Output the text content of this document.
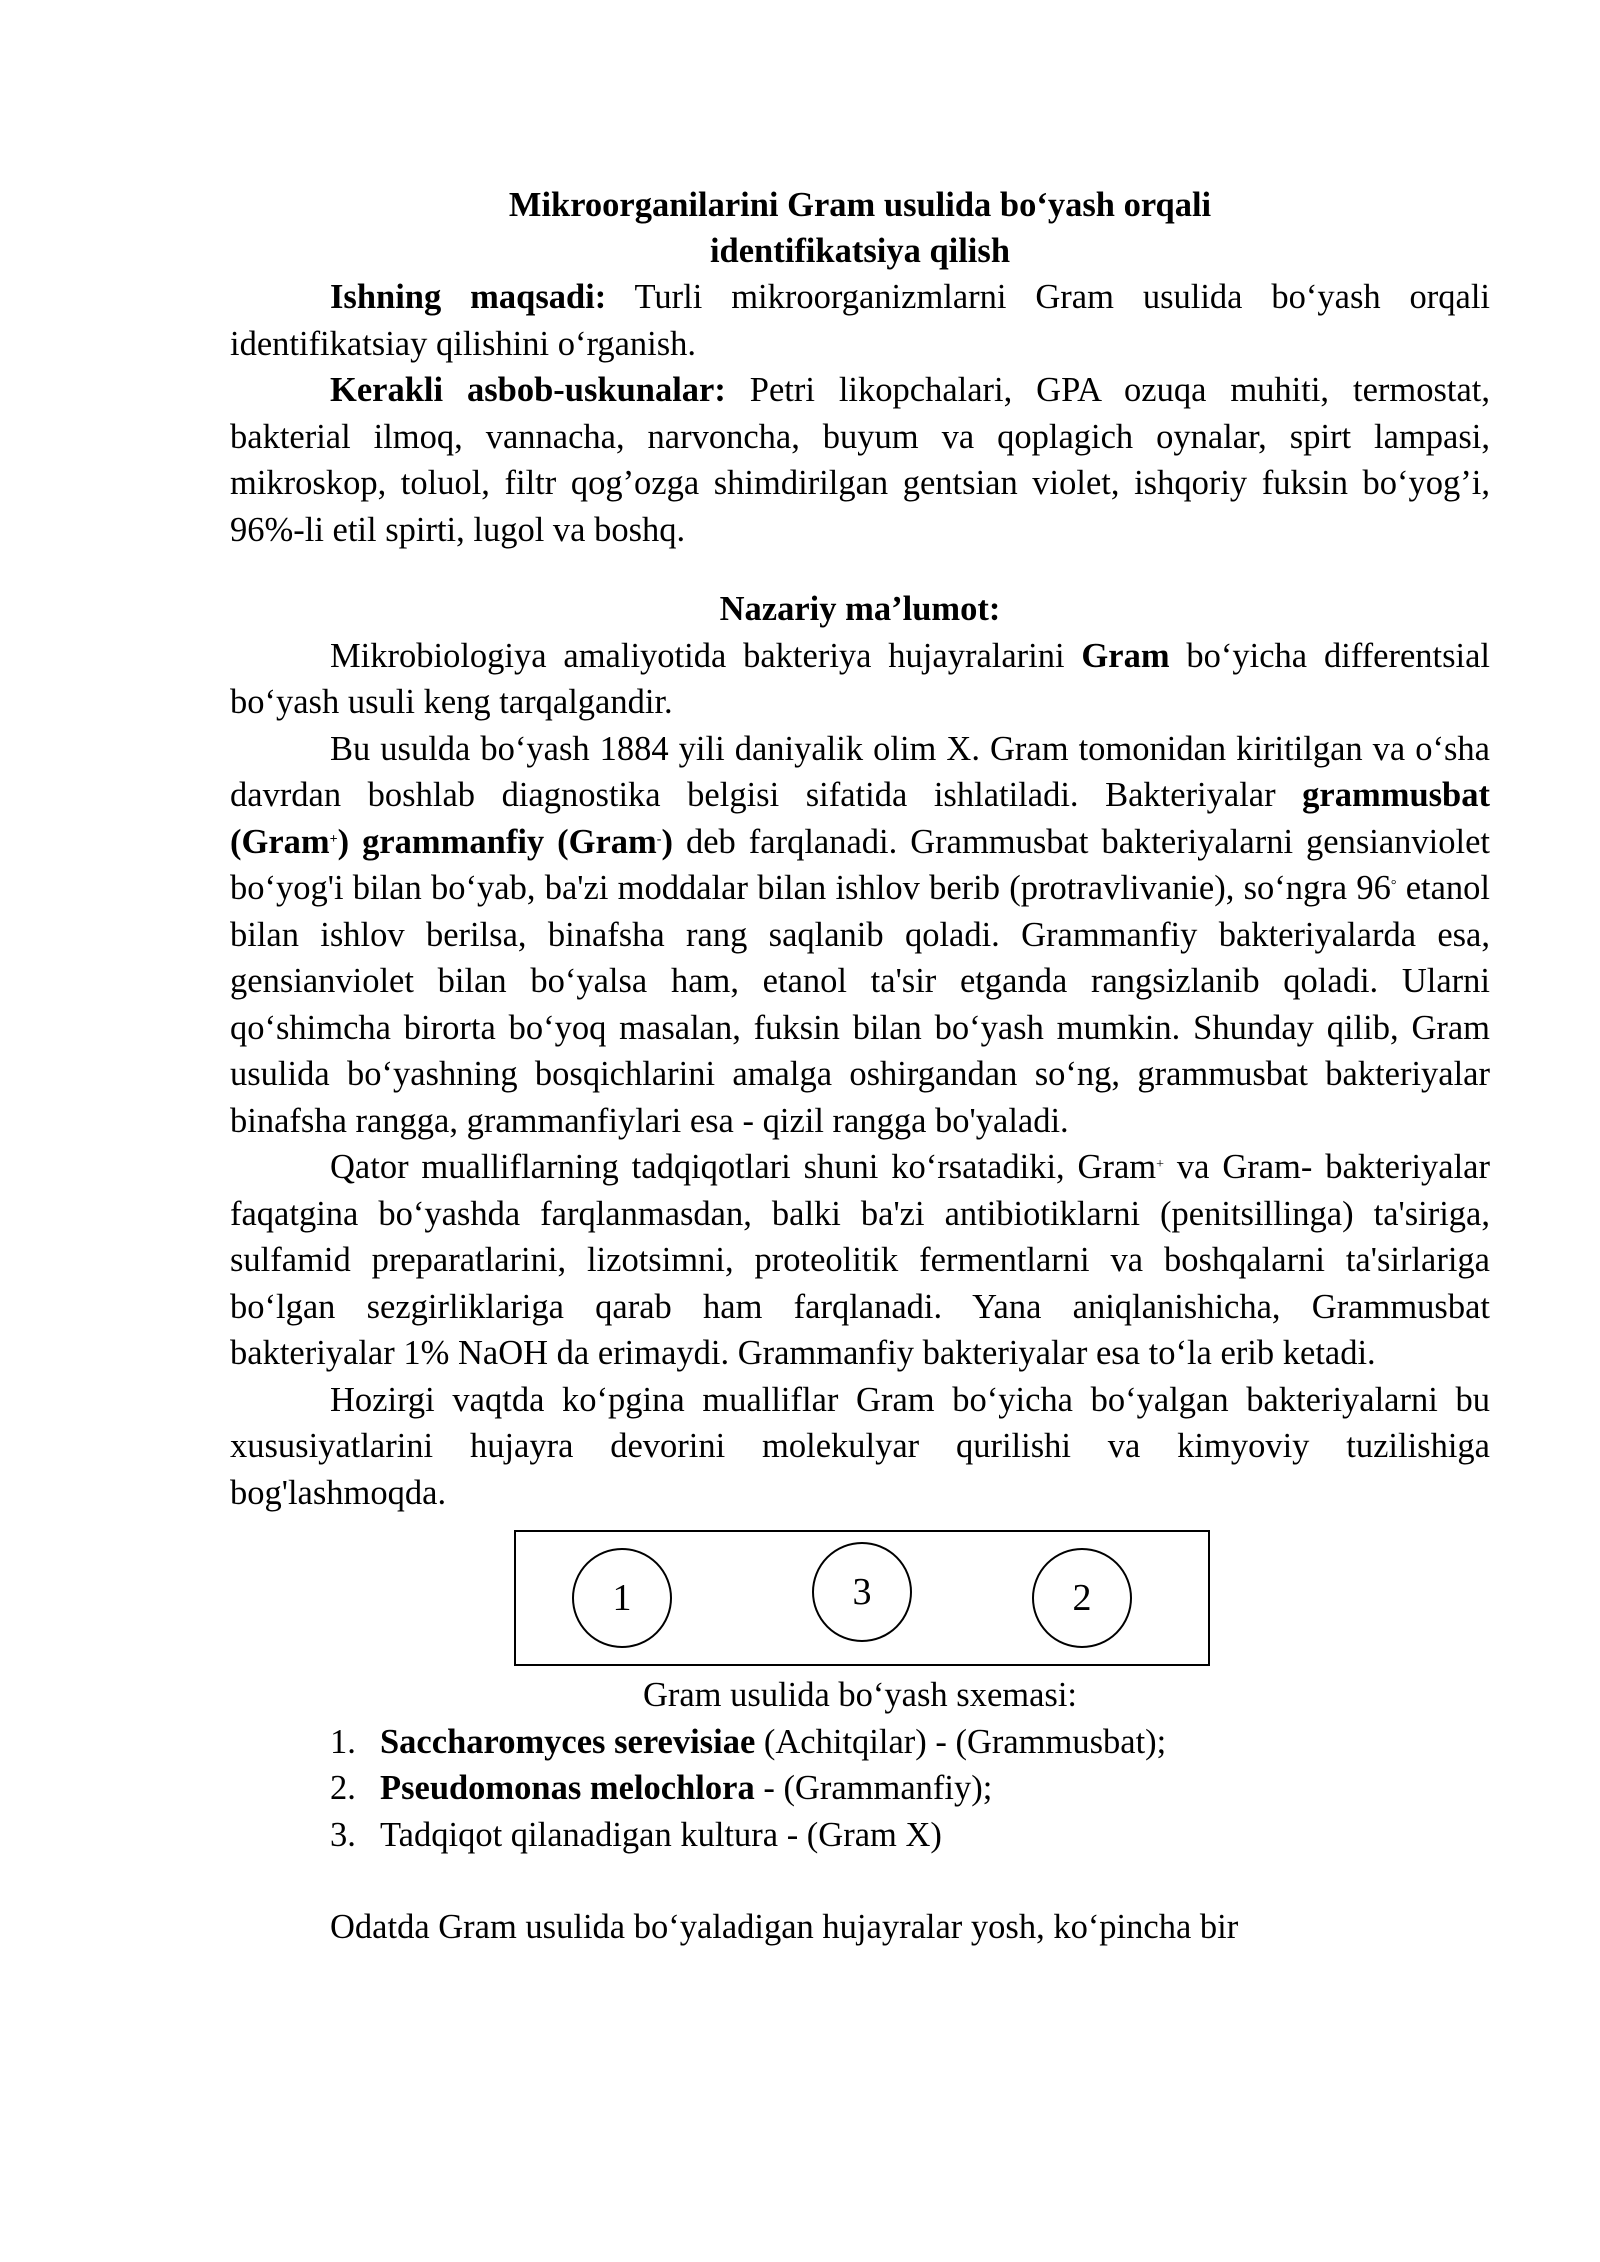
Mikroorganilarini Gram usulida bo‘yash orqali
identifikatsiya qilish

Ishning maqsadi: Turli mikroorganizmlarni Gram usulida bo‘yash orqali identifikatsiay qilishini o‘rganish.

Kerakli asbob-uskunalar: Petri likopchalari, GPA ozuqa muhiti, termostat, bakterial ilmoq, vannacha, narvoncha, buyum va qoplagich oynalar, spirt lampasi, mikroskop, toluol, filtr qog’ozga shimdirilgan gentsian violet, ishqoriy fuksin bo‘yog’i, 96%-li etil spirti, lugol va boshq.

Nazariy ma’lumot:

Mikrobiologiya amaliyotida bakteriya hujayralarini Gram bo‘yicha differentsial bo‘yash usuli keng tarqalgandir.

Bu usulda bo‘yash 1884 yili daniyalik olim X. Gram tomonidan kiritilgan va o‘sha davrdan boshlab diagnostika belgisi sifatida ishlatiladi. Bakteriyalar grammusbat (Gram+) grammanfiy (Gram-) deb farqlanadi. Grammusbat bakteriyalarni gensianviolet bo‘yog'i bilan bo‘yab, ba'zi moddalar bilan ishlov berib (protravlivanie), so‘ngra 96° etanol bilan ishlov berilsa, binafsha rang saqlanib qoladi. Grammanfiy bakteriyalarda esa, gensianviolet bilan bo‘yalsa ham, etanol ta'sir etganda rangsizlanib qoladi. Ularni qo‘shimcha birorta bo‘yoq masalan, fuksin bilan bo‘yash mumkin. Shunday qilib, Gram usulida bo‘yashning bosqichlarini amalga oshirgandan so‘ng, grammusbat bakteriyalar binafsha rangga, grammanfiylari esa - qizil rangga bo'yaladi.

Qator mualliflarning tadqiqotlari shuni ko‘rsatadiki, Gram+ va Gram- bakteriyalar faqatgina bo‘yashda farqlanmasdan, balki ba'zi antibiotiklarni (penitsillinga) ta'siriga, sulfamid preparatlarini, lizotsimni, proteolitik fermentlarni va boshqalarni ta'sirlariga bo‘lgan sezgirliklariga qarab ham farqlanadi. Yana aniqlanishicha, Grammusbat bakteriyalar 1% NaOH da erimaydi. Grammanfiy bakteriyalar esa to‘la erib ketadi.

Hozirgi vaqtda ko‘pgina mualliflar Gram bo‘yicha bo‘yalgan bakteriyalarni bu xususiyatlarini hujayra devorini molekulyar qurilishi va kimyoviy tuzilishiga bog'lashmoqda.

1	3	2
Gram usulida bo‘yash sxemasi:
1. Saccharomyces serevisiae (Achitqilar) - (Grammusbat);
2. Pseudomonas melochlora - (Grammanfiy);
3. Tadqiqot qilanadigan kultura - (Gram X)

Odatda Gram usulida bo‘yaladigan hujayralar yosh, ko‘pincha bir
